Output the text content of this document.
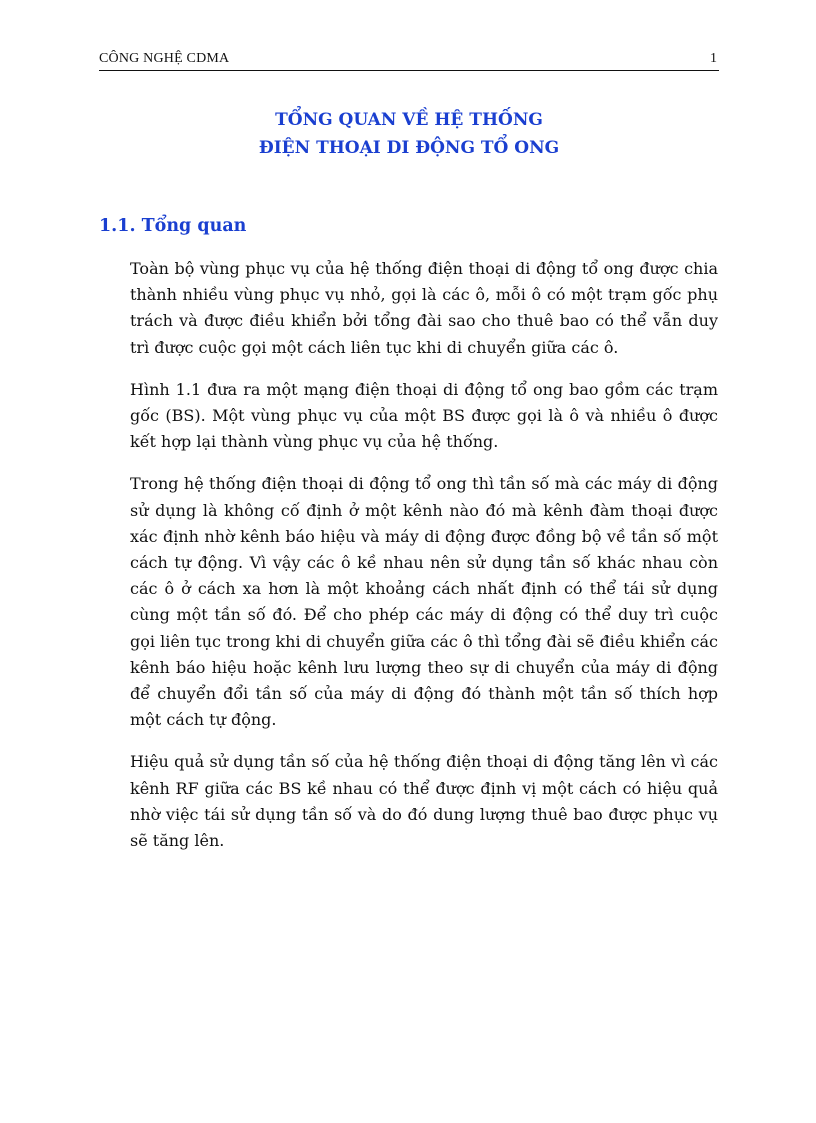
CÔNG NGHỆ CDMA	1
TỔNG QUAN VỀ HỆ THỐNG
ĐIỆN THOẠI DI ĐỘNG TỔ ONG
1.1. Tổng quan

Toàn bộ vùng phục vụ của hệ thống điện thoại di động tổ ong được chia thành nhiều vùng phục vụ nhỏ, gọi là các ô, mỗi ô có một trạm gốc phụ trách và được điều khiển bởi tổng đài sao cho thuê bao có thể vẫn duy trì được cuộc gọi một cách liên tục khi di chuyển giữa các ô.

Hình 1.1 đưa ra một mạng điện thoại di động tổ ong bao gồm các trạm gốc (BS). Một vùng phục vụ của một BS được gọi là ô và nhiều ô được kết hợp lại thành vùng phục vụ của hệ thống.

Trong hệ thống điện thoại di động tổ ong thì tần số mà các máy di động sử dụng là không cố định ở một kênh nào đó mà kênh đàm thoại được xác định nhờ kênh báo hiệu và máy di động được đồng bộ về tần số một cách tự động. Vì vậy các ô kề nhau nên sử dụng tần số khác nhau còn các ô ở cách xa hơn là một khoảng cách nhất định có thể tái sử dụng cùng một tần số đó. Để cho phép các máy di động có thể duy trì cuộc gọi liên tục trong khi di chuyển giữa các ô thì tổng đài sẽ điều khiển các kênh báo hiệu hoặc kênh lưu lượng theo sự di chuyển của máy di động để chuyển đổi tần số của máy di động đó thành một tần số thích hợp một cách tự động.

Hiệu quả sử dụng tần số của hệ thống điện thoại di động tăng lên vì các kênh RF giữa các BS kề nhau có thể được định vị một cách có hiệu quả nhờ việc tái sử dụng tần số và do đó dung lượng thuê bao được phục vụ sẽ tăng lên.
